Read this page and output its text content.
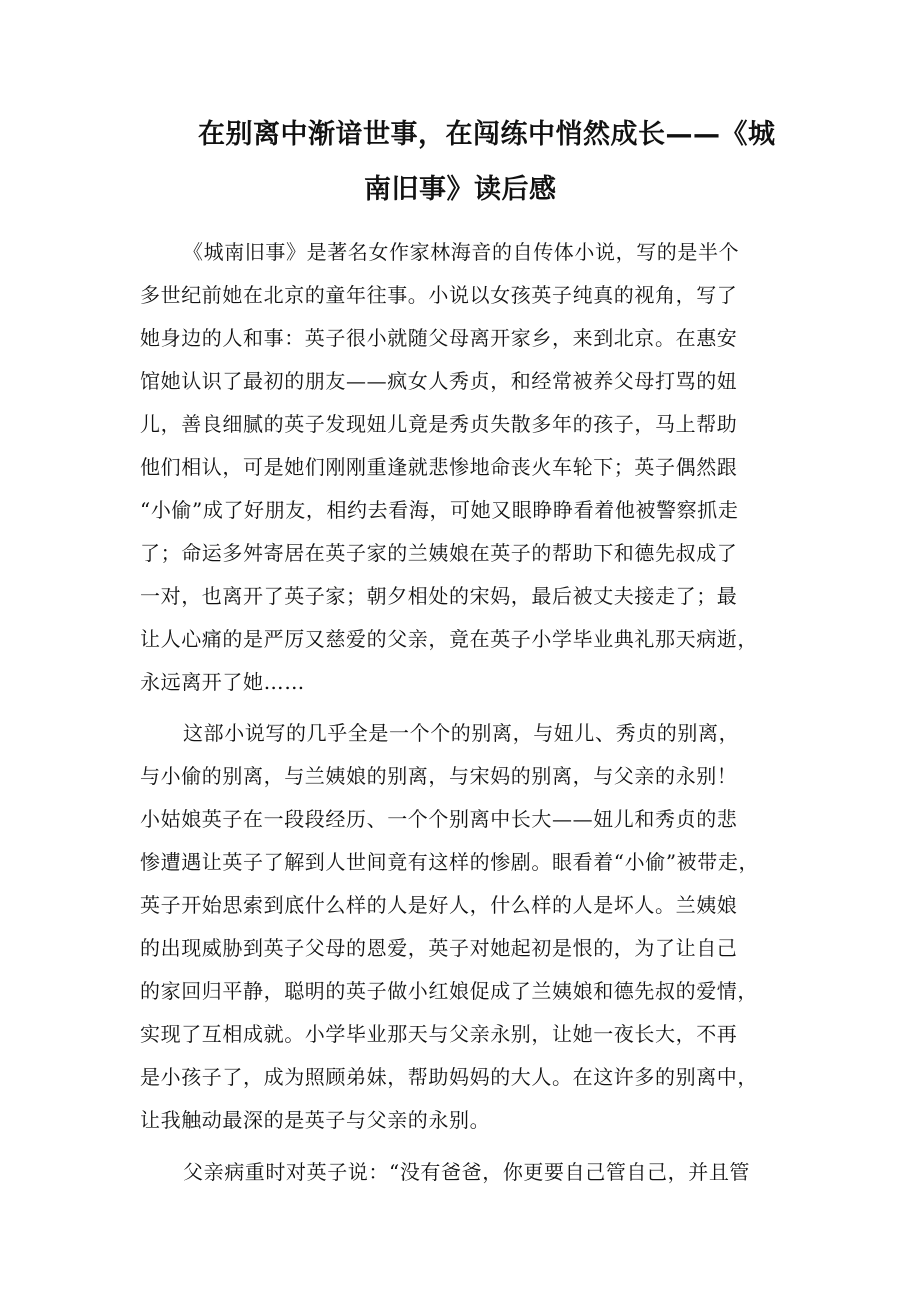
在别离中渐谙世事，在闯练中悄然成长——《城
南旧事》读后感
《城南旧事》是著名女作家林海音的自传体小说，写的是半个
多世纪前她在北京的童年往事。小说以女孩英子纯真的视角，写了
她身边的人和事：英子很小就随父母离开家乡，来到北京。在惠安
馆她认识了最初的朋友——疯女人秀贞，和经常被养父母打骂的妞
儿，善良细腻的英子发现妞儿竟是秀贞失散多年的孩子，马上帮助
他们相认，可是她们刚刚重逢就悲惨地命丧火车轮下；英子偶然跟
“小偷”成了好朋友，相约去看海，可她又眼睁睁看着他被警察抓走
了；命运多舛寄居在英子家的兰姨娘在英子的帮助下和德先叔成了
一对，也离开了英子家；朝夕相处的宋妈，最后被丈夫接走了；最
让人心痛的是严厉又慈爱的父亲，竟在英子小学毕业典礼那天病逝，
永远离开了她……
这部小说写的几乎全是一个个的别离，与妞儿、秀贞的别离，
与小偷的别离，与兰姨娘的别离，与宋妈的别离，与父亲的永别！
小姑娘英子在一段段经历、一个个别离中长大——妞儿和秀贞的悲
惨遭遇让英子了解到人世间竟有这样的惨剧。眼看着“小偷”被带走，
英子开始思索到底什么样的人是好人，什么样的人是坏人。兰姨娘
的出现威胁到英子父母的恩爱，英子对她起初是恨的，为了让自己
的家回归平静，聪明的英子做小红娘促成了兰姨娘和德先叔的爱情，
实现了互相成就。小学毕业那天与父亲永别，让她一夜长大，不再
是小孩子了，成为照顾弟妹，帮助妈妈的大人。在这许多的别离中，
让我触动最深的是英子与父亲的永别。
父亲病重时对英子说：“没有爸爸，你更要自己管自己，并且管
